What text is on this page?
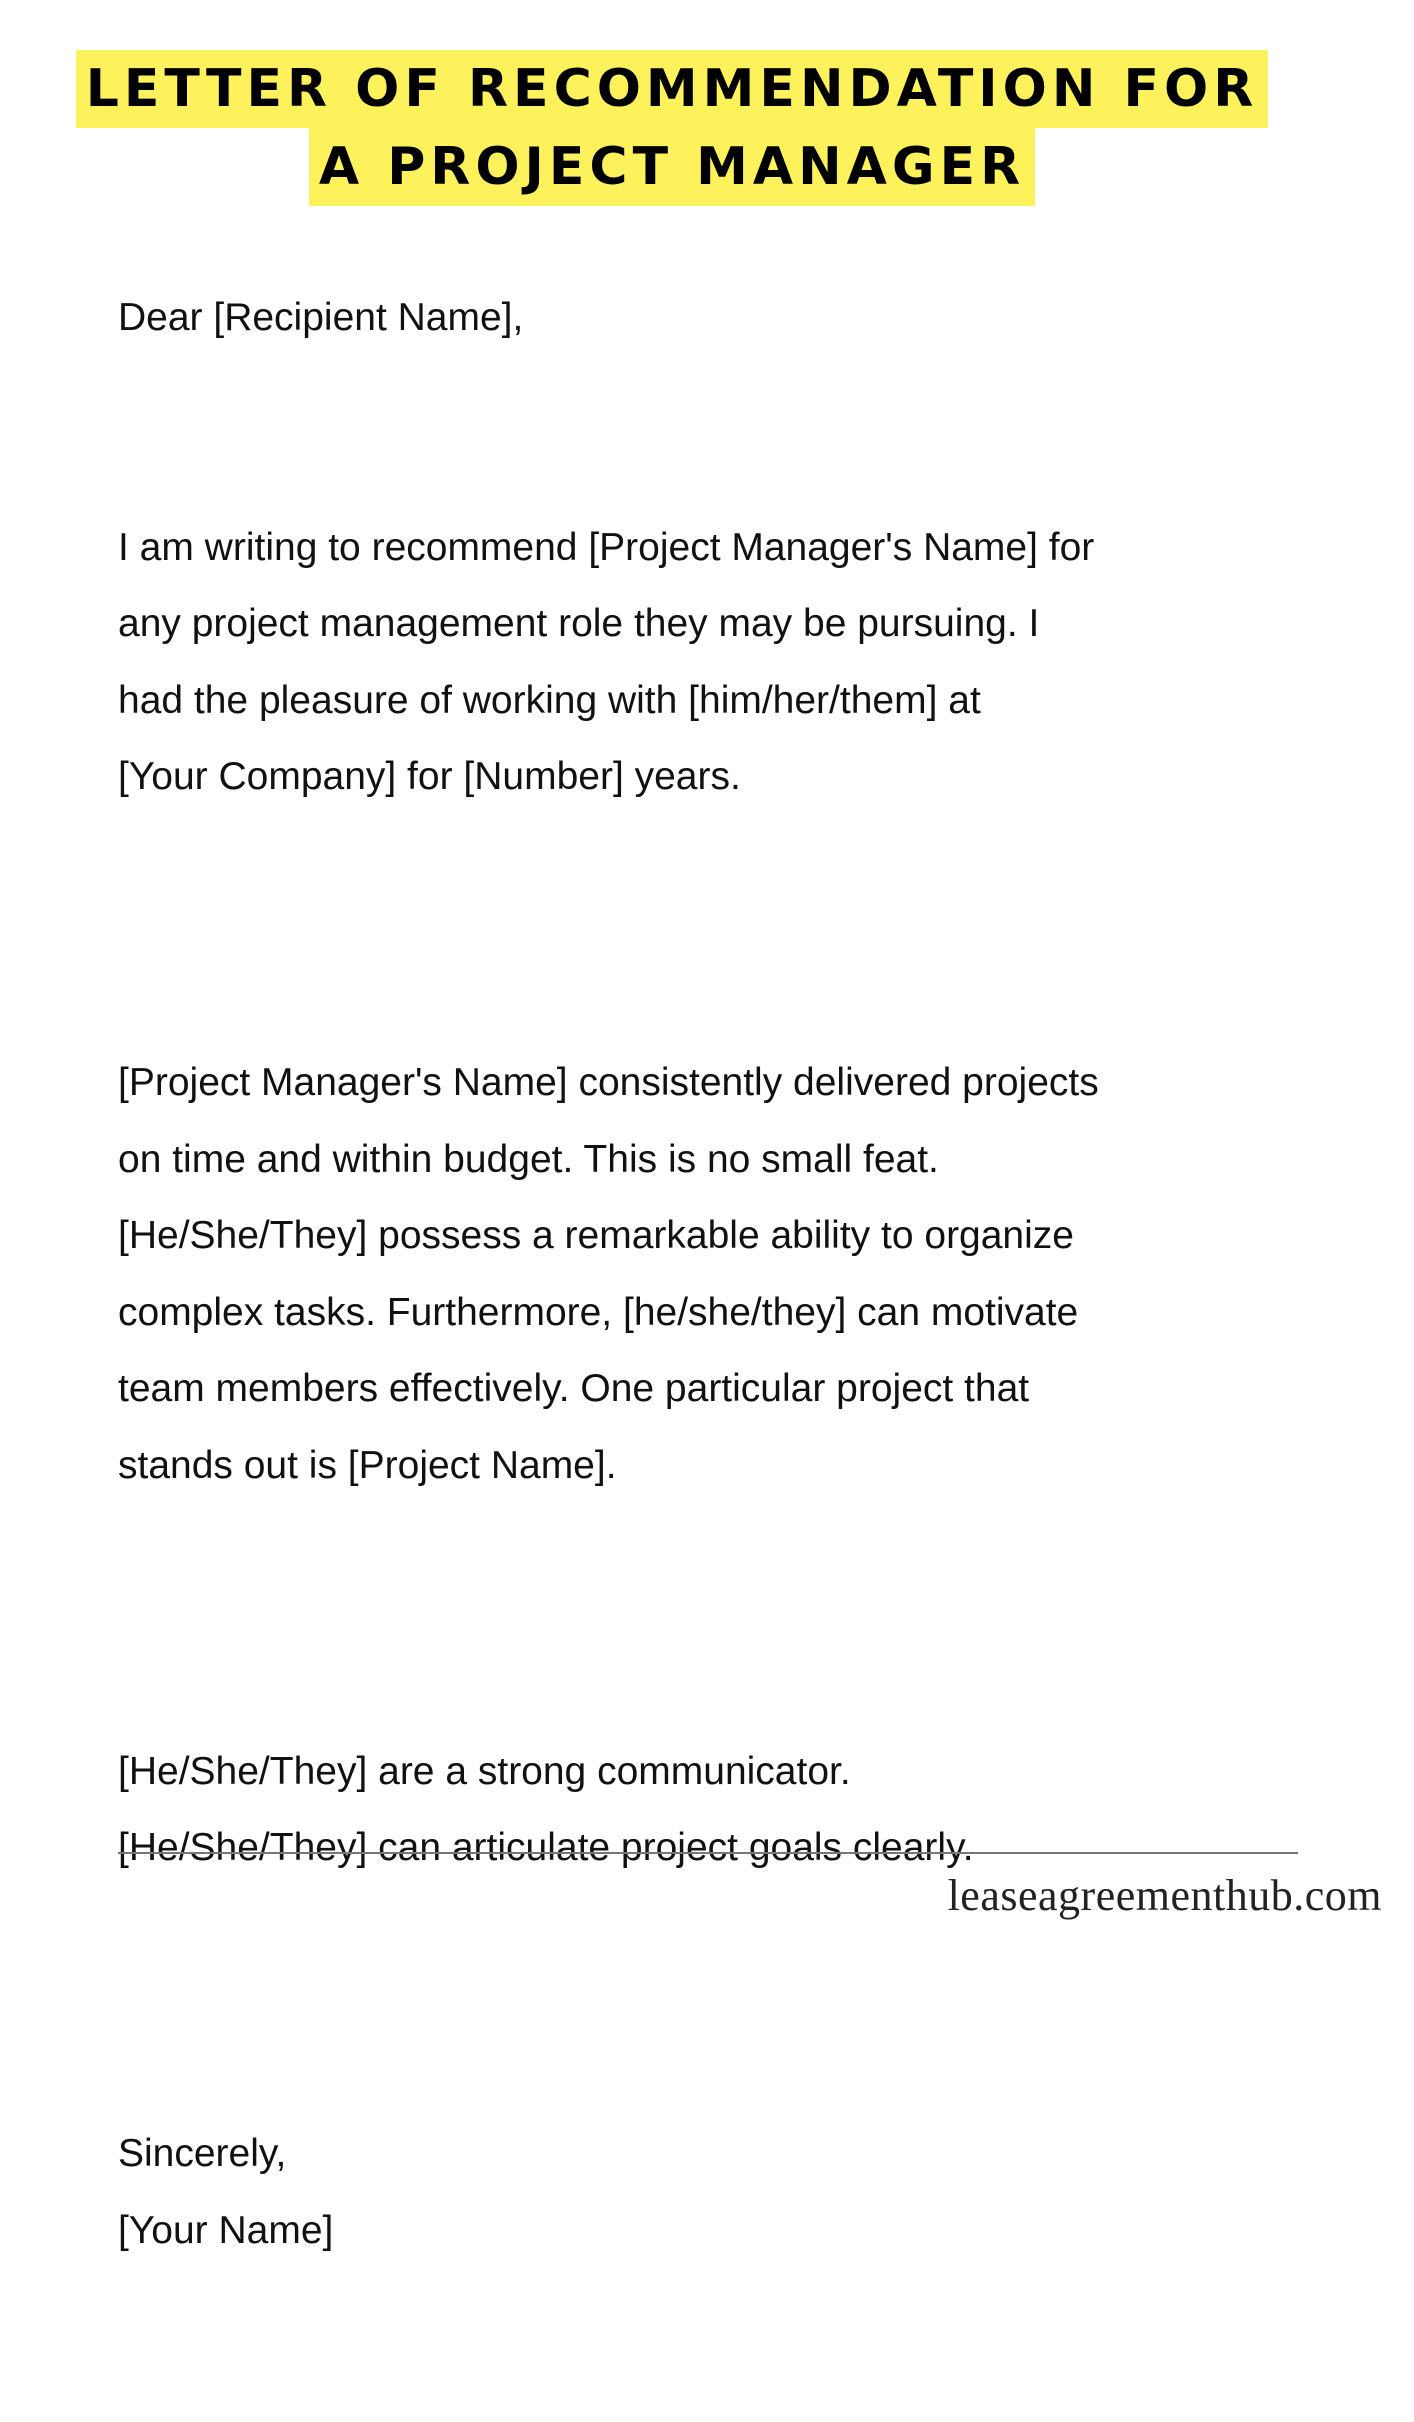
LETTER OF RECOMMENDATION FOR
A PROJECT MANAGER

Dear [Recipient Name],

I am writing to recommend [Project Manager's Name] for
any project management role they may be pursuing. I
had the pleasure of working with [him/her/them] at
[Your Company] for [Number] years.

[Project Manager's Name] consistently delivered projects
on time and within budget. This is no small feat.
[He/She/They] possess a remarkable ability to organize
complex tasks. Furthermore, [he/she/they] can motivate
team members effectively. One particular project that
stands out is [Project Name].

[He/She/They] are a strong communicator.
[He/She/They] can articulate project goals clearly.

Sincerely,
[Your Name]

leaseagreementhub.com
